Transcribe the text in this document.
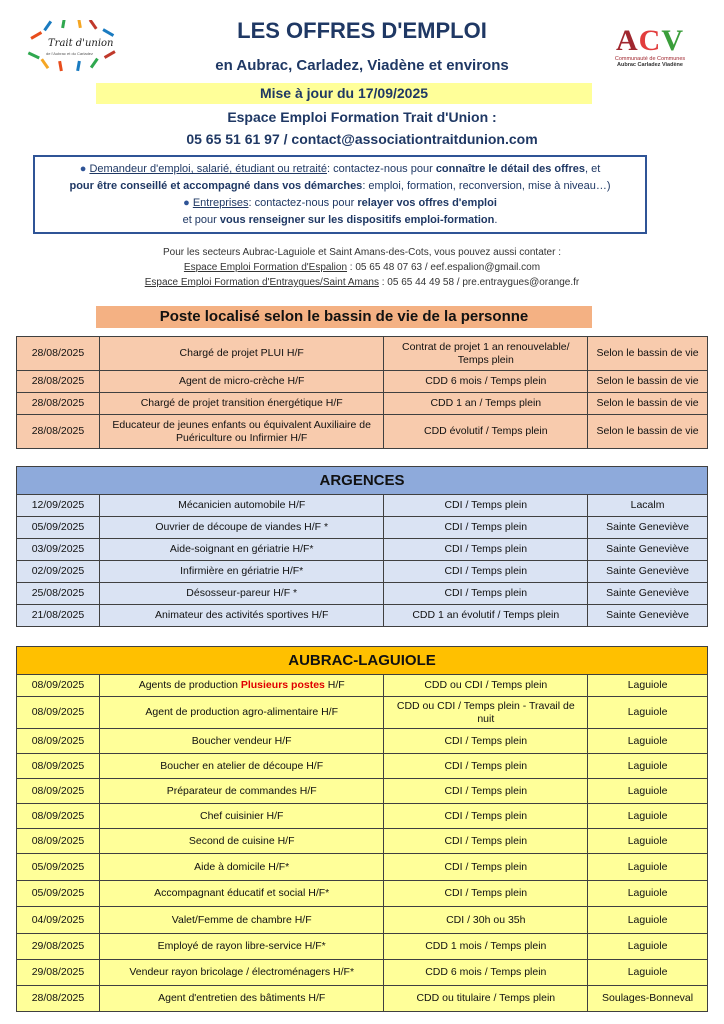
Trait d'union
de l'Aubrac et du Carladez	ACV
Communauté de Communes
Aubrac Carladez Viadène
LES OFFRES D'EMPLOI
en Aubrac, Carladez, Viadène et environs
Mise à jour du 17/09/2025
Espace Emploi Formation Trait d'Union :
05 65 51 61 97 / contact@associationtraitdunion.com
● Demandeur d'emploi, salarié, étudiant ou retraité: contactez-nous pour connaître le détail des offres, et
pour être conseillé et accompagné dans vos démarches: emploi, formation, reconversion, mise à niveau…)
● Entreprises: contactez-nous pour relayer vos offres d'emploi
et pour vous renseigner sur les dispositifs emploi-formation.
Pour les secteurs Aubrac-Laguiole et Saint Amans-des-Cots, vous pouvez aussi contater :
Espace Emploi Formation d'Espalion : 05 65 48 07 63 / eef.espalion@gmail.com
Espace Emploi Formation d'Entraygues/Saint Amans : 05 65 44 49 58 / pre.entraygues@orange.fr
Poste localisé selon le bassin de vie de la personne
28/08/2025	Chargé de projet PLUI H/F	Contrat de projet 1 an renouvelable/ Temps plein	Selon le bassin de vie
28/08/2025	Agent de micro-crèche H/F	CDD 6 mois / Temps plein	Selon le bassin de vie
28/08/2025	Chargé de projet transition énergétique H/F	CDD 1 an / Temps plein	Selon le bassin de vie
28/08/2025	Educateur de jeunes enfants ou équivalent Auxiliaire de Puériculture ou Infirmier H/F	CDD évolutif / Temps plein	Selon le bassin de vie
ARGENCES			
12/09/2025	Mécanicien automobile H/F	CDI / Temps plein	Lacalm
05/09/2025	Ouvrier de découpe de viandes H/F *	CDI / Temps plein	Sainte Geneviève
03/09/2025	Aide-soignant en gériatrie H/F*	CDI / Temps plein	Sainte Geneviève
02/09/2025	Infirmière en gériatrie H/F*	CDI / Temps plein	Sainte Geneviève
25/08/2025	Désosseur-pareur H/F *	CDI / Temps plein	Sainte Geneviève
21/08/2025	Animateur des activités sportives H/F	CDD 1 an évolutif / Temps plein	Sainte Geneviève
AUBRAC-LAGUIOLE			
08/09/2025	Agents de production Plusieurs postes H/F	CDD ou CDI / Temps plein	Laguiole
08/09/2025	Agent de production agro-alimentaire H/F	CDD ou CDI / Temps plein - Travail de nuit	Laguiole
08/09/2025	Boucher vendeur H/F	CDI / Temps plein	Laguiole
08/09/2025	Boucher en atelier de découpe H/F	CDI / Temps plein	Laguiole
08/09/2025	Préparateur de commandes H/F	CDI / Temps plein	Laguiole
08/09/2025	Chef cuisinier H/F	CDI / Temps plein	Laguiole
08/09/2025	Second de cuisine H/F	CDI / Temps plein	Laguiole
05/09/2025	Aide à domicile H/F*	CDI / Temps plein	Laguiole
05/09/2025	Accompagnant éducatif et social H/F*	CDI / Temps plein	Laguiole
04/09/2025	Valet/Femme de chambre H/F	CDI / 30h ou 35h	Laguiole
29/08/2025	Employé de rayon libre-service H/F*	CDD 1 mois / Temps plein	Laguiole
29/08/2025	Vendeur rayon bricolage / électroménagers H/F*	CDD 6 mois / Temps plein	Laguiole
28/08/2025	Agent d'entretien des bâtiments H/F	CDD ou titulaire / Temps plein	Soulages-Bonneval
